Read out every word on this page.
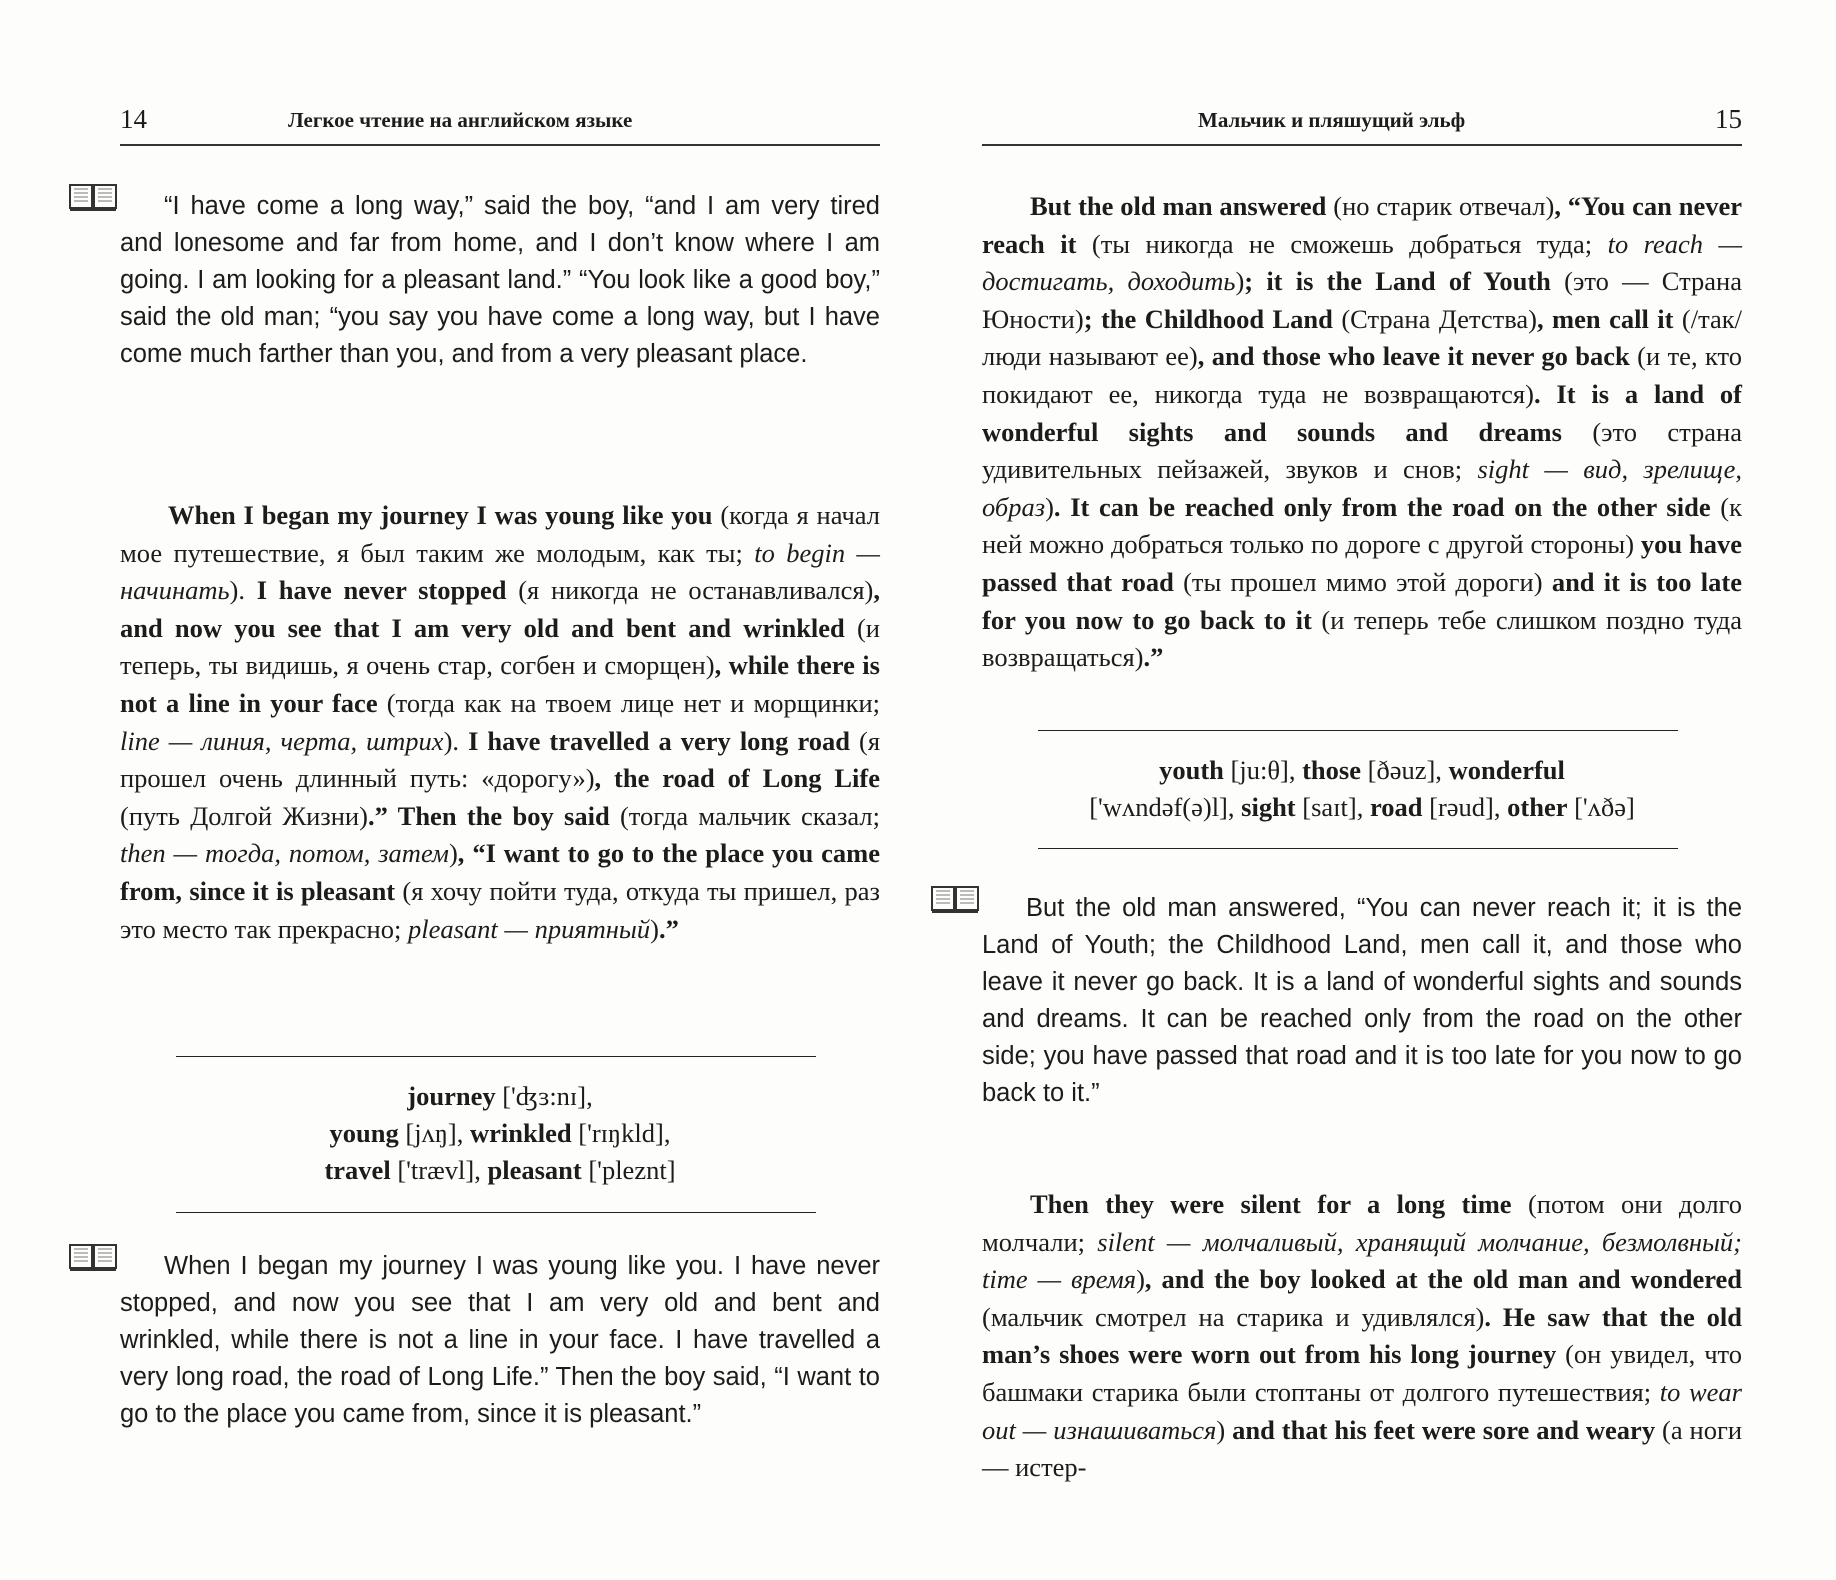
14	Легкое чтение на английском языке

“I have come a long way,” said the boy, “and I am very tired and lonesome and far from home, and I don’t know where I am going. I am looking for a pleasant land.” “You look like a good boy,” said the old man; “you say you have come a long way, but I have come much farther than you, and from a very pleasant place.

When I began my journey I was young like you (когда я начал мое путешествие, я был таким же молодым, как ты; to begin — начинать). I have never stopped (я никогда не останавливался), and now you see that I am very old and bent and wrinkled (и теперь, ты видишь, я очень стар, согбен и сморщен), while there is not a line in your face (тогда как на твоем лице нет и морщинки; line — линия, черта, штрих). I have travelled a very long road (я прошел очень длинный путь: «дорогу»), the road of Long Life (путь Долгой Жизни).” Then the boy said (тогда мальчик сказал; then — тогда, потом, затем), “I want to go to the place you came from, since it is pleasant (я хочу пойти туда, откуда ты пришел, раз это место так прекрасно; pleasant — приятный).”

journey ['ʤɜ:nɪ],

young [jʌŋ], wrinkled ['rɪŋkld],

travel ['trævl], pleasant ['pleznt]

When I began my journey I was young like you. I have never stopped, and now you see that I am very old and bent and wrinkled, while there is not a line in your face. I have travelled a very long road, the road of Long Life.” Then the boy said, “I want to go to the place you came from, since it is pleasant.”

Мальчик и пляшущий эльф	15

But the old man answered (но старик отвечал), “You can never reach it (ты никогда не сможешь добраться туда; to reach — достигать, доходить); it is the Land of Youth (это — Страна Юности); the Childhood Land (Страна Детства), men call it (/так/ люди называют ее), and those who leave it never go back (и те, кто покидают ее, никогда туда не возвращаются). It is a land of wonderful sights and sounds and dreams (это страна удивительных пейзажей, звуков и снов; sight — вид, зрелище, образ). It can be reached only from the road on the other side (к ней можно добраться только по дороге с другой стороны) you have passed that road (ты прошел мимо этой дороги) and it is too late for you now to go back to it (и теперь тебе слишком поздно туда возвращаться).”

youth [ju:θ], those [ðəuz], wonderful

['wʌndəf(ə)l], sight [saɪt], road [rəud], other ['ʌðə]

But the old man answered, “You can never reach it; it is the Land of Youth; the Childhood Land, men call it, and those who leave it never go back. It is a land of wonderful sights and sounds and dreams. It can be reached only from the road on the other side; you have passed that road and it is too late for you now to go back to it.”

Then they were silent for a long time (потом они долго молчали; silent — молчаливый, хранящий молчание, безмолвный; time — время), and the boy looked at the old man and wondered (мальчик смотрел на старика и удивлялся). He saw that the old man’s shoes were worn out from his long journey (он увидел, что башмаки старика были стоптаны от долгого путешествия; to wear out — изнашиваться) and that his feet were sore and weary (а ноги — истер-
